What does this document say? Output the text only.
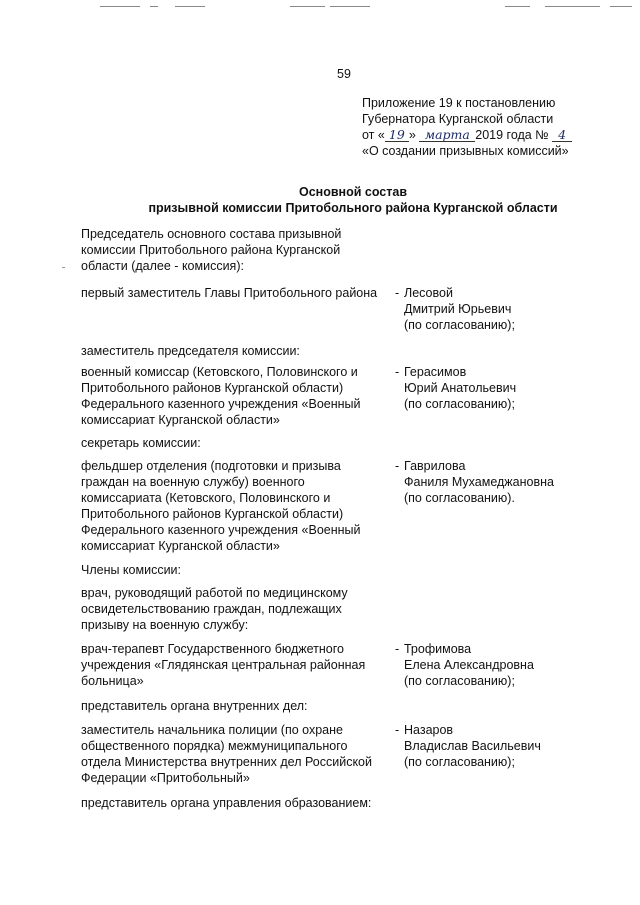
59
Приложение 19 к постановлению
Губернатора Курганской области
от « 19 » марта 2019 года № 4
«О создании призывных комиссий»
Основной состав
призывной комиссии Притобольного района Курганской области
Председатель основного состава призывной
комиссии Притобольного района Курганской
области (далее - комиссия):
первый заместитель Главы Притобольного района - Лесовой
Дмитрий Юрьевич
(по согласованию);
заместитель председателя комиссии:
военный комиссар (Кетовского, Половинского и
Притобольного районов Курганской области)
Федерального казенного учреждения «Военный
комиссариат Курганской области»
- Герасимов
Юрий Анатольевич
(по согласованию);
секретарь комиссии:
фельдшер отделения (подготовки и призыва
граждан на военную службу) военного
комиссариата (Кетовского, Половинского и
Притобольного районов Курганской области)
Федерального казенного учреждения «Военный
комиссариат Курганской области»
- Гаврилова
Фаниля Мухамеджановна
(по согласованию).
Члены комиссии:
врач, руководящий работой по медицинскому
освидетельствованию граждан, подлежащих
призыву на военную службу:
врач-терапевт Государственного бюджетного
учреждения «Глядянская центральная районная
больница»
- Трофимова
Елена Александровна
(по согласованию);
представитель органа внутренних дел:
заместитель начальника полиции (по охране
общественного порядка) межмуниципального
отдела Министерства внутренних дел Российской
Федерации «Притобольный»
- Назаров
Владислав Васильевич
(по согласованию);
представитель органа управления образованием:
